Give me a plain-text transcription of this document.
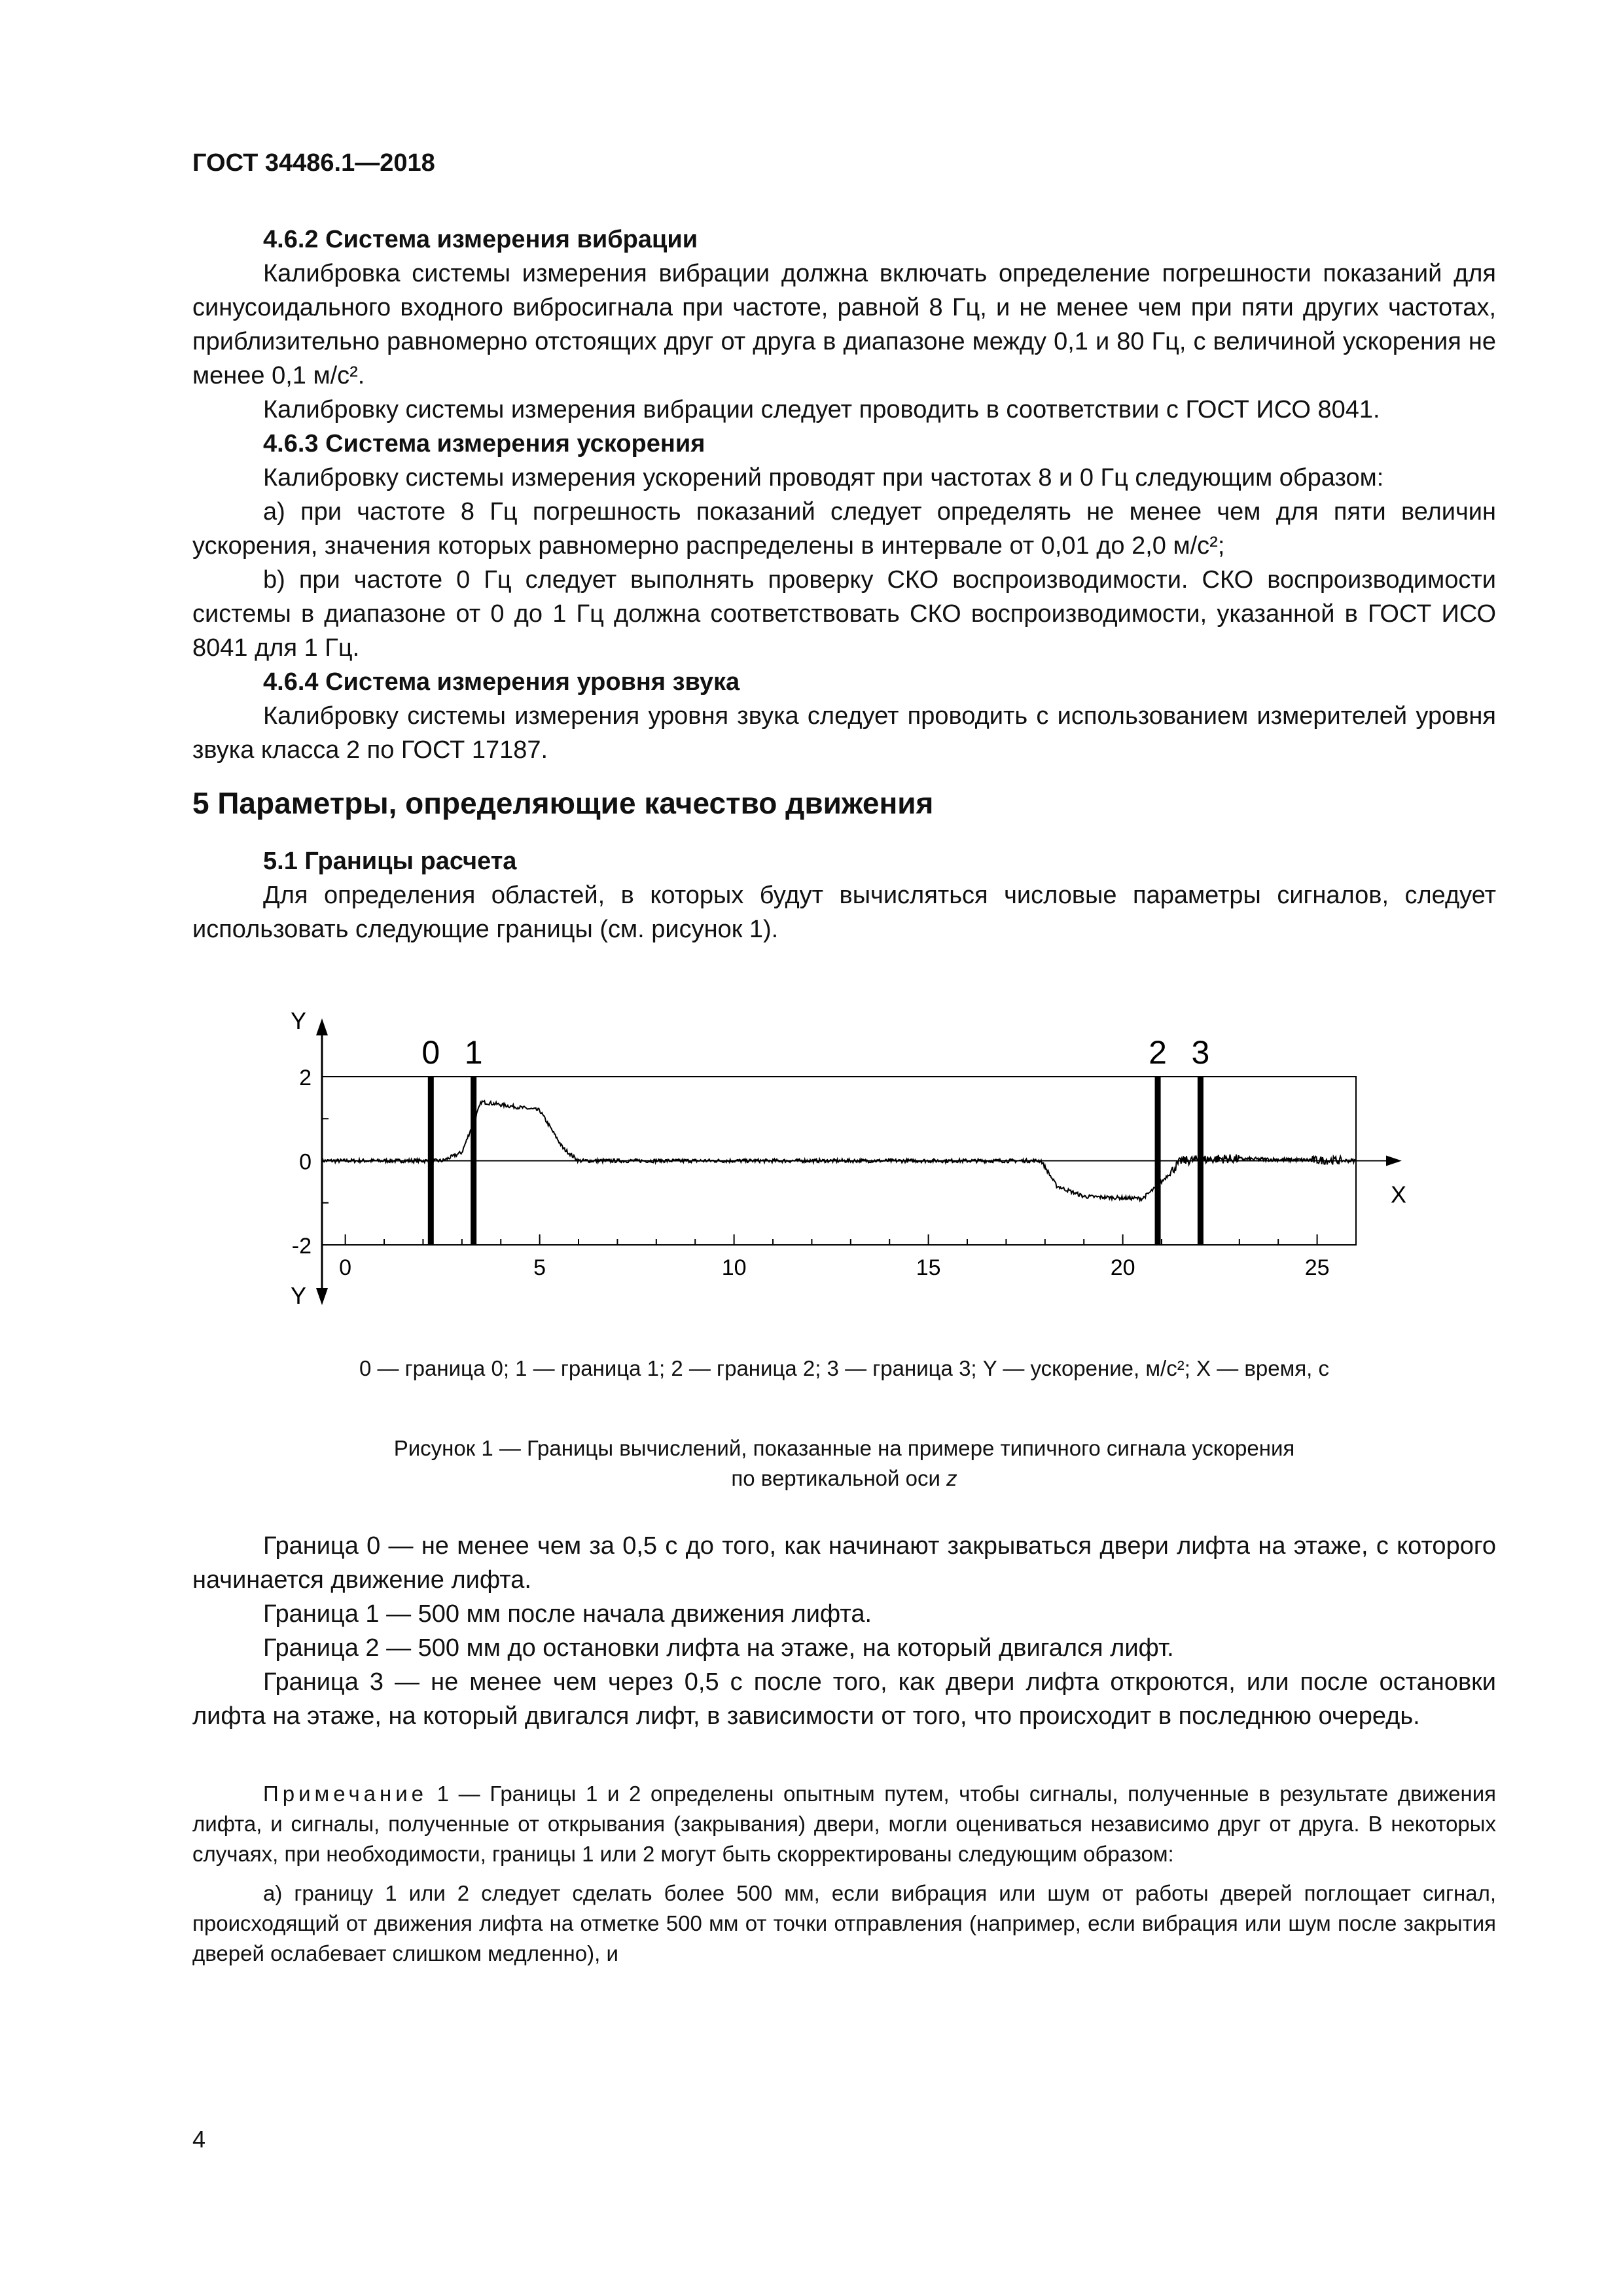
ГОСТ 34486.1—2018

4.6.2 Система измерения вибрации

Калибровка системы измерения вибрации должна включать определение погрешности показаний для синусоидального входного вибросигнала при частоте, равной 8 Гц, и не менее чем при пяти других частотах, приблизительно равномерно отстоящих друг от друга в диапазоне между 0,1 и 80 Гц, с величиной ускорения не менее 0,1 м/с².

Калибровку системы измерения вибрации следует проводить в соответствии с ГОСТ ИСО 8041.

4.6.3 Система измерения ускорения

Калибровку системы измерения ускорений проводят при частотах 8 и 0 Гц следующим образом:

а) при частоте 8 Гц погрешность показаний следует определять не менее чем для пяти величин ускорения, значения которых равномерно распределены в интервале от 0,01 до 2,0 м/с²;

b) при частоте 0 Гц следует выполнять проверку СКО воспроизводимости. СКО воспроизводимости системы в диапазоне от 0 до 1 Гц должна соответствовать СКО воспроизводимости, указанной в ГОСТ ИСО 8041 для 1 Гц.

4.6.4 Система измерения уровня звука

Калибровку системы измерения уровня звука следует проводить с использованием измерителей уровня звука класса 2 по ГОСТ 17187.

5 Параметры, определяющие качество движения

5.1 Границы расчета

Для определения областей, в которых будут вычисляться числовые параметры сигналов, следует использовать следующие границы (см. рисунок 1).

Y
Y
X
2
0
-2
0	5	10	15	20	25
0 1	2 3
0 — граница 0; 1 — граница 1; 2 — граница 2; 3 — граница 3; Y — ускорение, м/с²; X — время, с
Рисунок 1 — Границы вычислений, показанные на примере типичного сигнала ускорения
по вертикальной оси z

Граница 0 — не менее чем за 0,5 с до того, как начинают закрываться двери лифта на этаже, с которого начинается движение лифта.

Граница 1 — 500 мм после начала движения лифта.

Граница 2 — 500 мм до остановки лифта на этаже, на который двигался лифт.

Граница 3 — не менее чем через 0,5 с после того, как двери лифта откроются, или после остановки лифта на этаже, на который двигался лифт, в зависимости от того, что происходит в последнюю очередь.

Примечание 1 — Границы 1 и 2 определены опытным путем, чтобы сигналы, полученные в результате движения лифта, и сигналы, полученные от открывания (закрывания) двери, могли оцениваться независимо друг от друга. В некоторых случаях, при необходимости, границы 1 или 2 могут быть скорректированы следующим образом:

а) границу 1 или 2 следует сделать более 500 мм, если вибрация или шум от работы дверей поглощает сигнал, происходящий от движения лифта на отметке 500 мм от точки отправления (например, если вибрация или шум после закрытия дверей ослабевает слишком медленно), и

4
